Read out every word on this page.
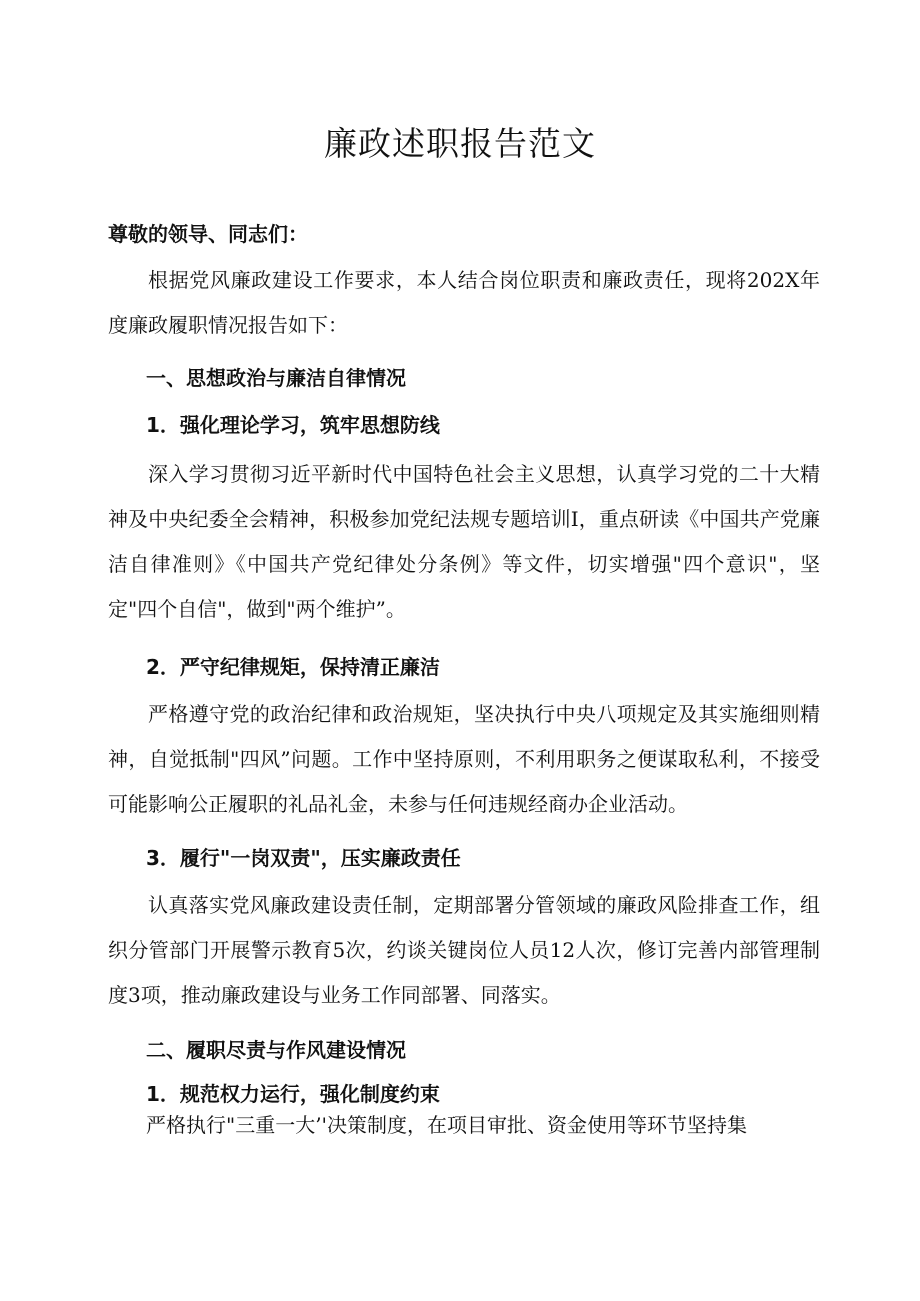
廉政述职报告范文

尊敬的领导、同志们：

根据党风廉政建设工作要求，本人结合岗位职责和廉政责任，现将202X年度廉政履职情况报告如下：

一、思想政治与廉洁自律情况

1．强化理论学习，筑牢思想防线

深入学习贯彻习近平新时代中国特色社会主义思想，认真学习党的二十大精神及中央纪委全会精神，积极参加党纪法规专题培训I，重点研读《中国共产党廉洁自律准则》《中国共产党纪律处分条例》等文件，切实增强"四个意识"，坚定"四个自信"，做到"两个维护”。

2．严守纪律规矩，保持清正廉洁

严格遵守党的政治纪律和政治规矩，坚决执行中央八项规定及其实施细则精神，自觉抵制"四风”问题。工作中坚持原则，不利用职务之便谋取私利，不接受可能影响公正履职的礼品礼金，未参与任何违规经商办企业活动。

3．履行"一岗双责"，压实廉政责任

认真落实党风廉政建设责任制，定期部署分管领域的廉政风险排查工作，组织分管部门开展警示教育5次，约谈关键岗位人员12人次，修订完善内部管理制度3项，推动廉政建设与业务工作同部署、同落实。

二、履职尽责与作风建设情况

1．规范权力运行，强化制度约束

严格执行"三重一大’'决策制度，在项目审批、资金使用等环节坚持集
